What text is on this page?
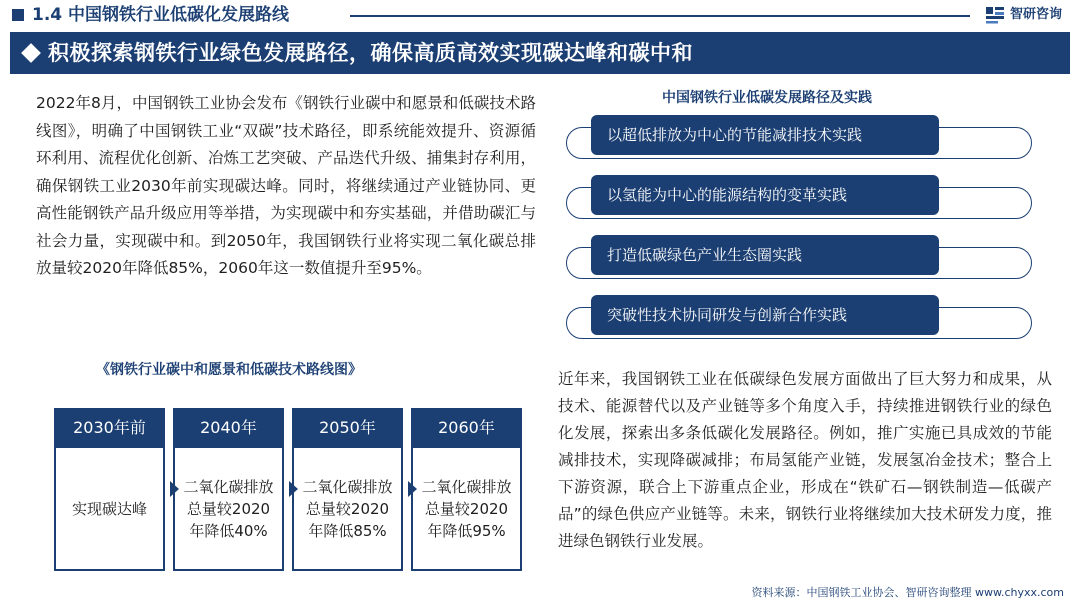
1.4 中国钢铁行业低碳化发展路线	智研咨询
积极探索钢铁行业绿色发展路径，确保高质高效实现碳达峰和碳中和
2022年8月，中国钢铁工业协会发布《钢铁行业碳中和愿景和低碳技术路线图》，明确了中国钢铁工业“双碳”技术路径，即系统能效提升、资源循环利用、流程优化创新、冶炼工艺突破、产品迭代升级、捕集封存利用，确保钢铁工业2030年前实现碳达峰。同时，将继续通过产业链协同、更高性能钢铁产品升级应用等举措，为实现碳中和夯实基础，并借助碳汇与社会力量，实现碳中和。到2050年，我国钢铁行业将实现二氧化碳总排放量较2020年降低85%，2060年这一数值提升至95%。
《钢铁行业碳中和愿景和低碳技术路线图》
2030年前
实现碳达峰
2040年
二氧化碳排放总量较2020年降低40%
2050年
二氧化碳排放总量较2020年降低85%
2060年
二氧化碳排放总量较2020年降低95%
中国钢铁行业低碳发展路径及实践
以超低排放为中心的节能减排技术实践
以氢能为中心的能源结构的变革实践
打造低碳绿色产业生态圈实践
突破性技术协同研发与创新合作实践
近年来，我国钢铁工业在低碳绿色发展方面做出了巨大努力和成果，从技术、能源替代以及产业链等多个角度入手，持续推进钢铁行业的绿色化发展，探索出多条低碳化发展路径。例如，推广实施已具成效的节能减排技术，实现降碳减排；布局氢能产业链，发展氢冶金技术；整合上下游资源，联合上下游重点企业，形成在“铁矿石—钢铁制造—低碳产品”的绿色供应产业链等。未来，钢铁行业将继续加大技术研发力度，推进绿色钢铁行业发展。
资料来源：中国钢铁工业协会、智研咨询整理 www.chyxx.com
